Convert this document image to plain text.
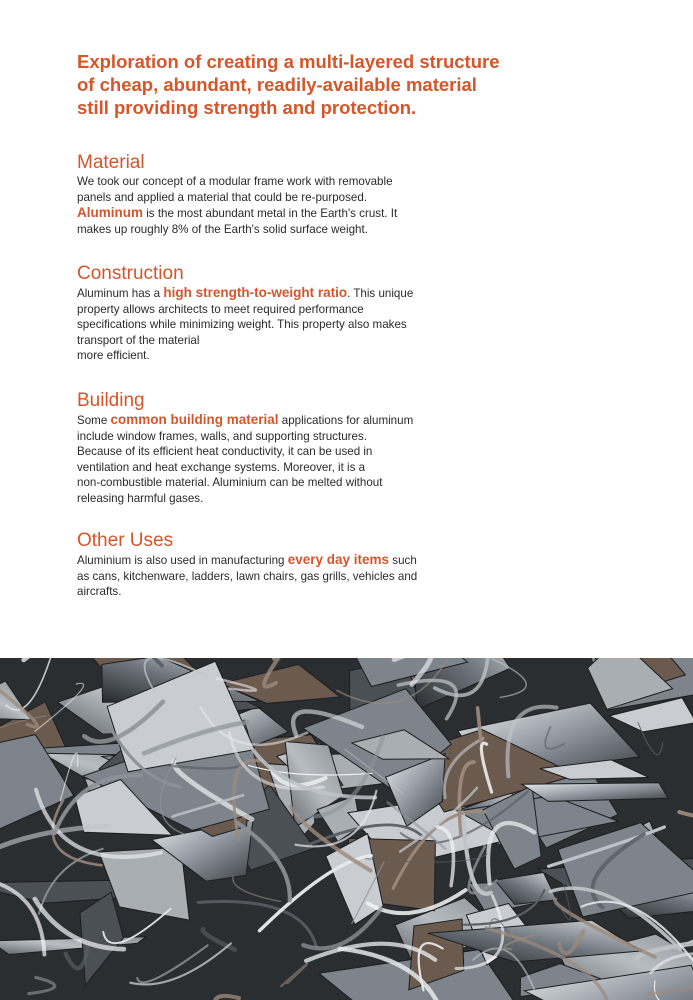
Exploration of creating a multi-layered structure
of cheap, abundant, readily-available material
still providing strength and protection.
Material

We took our concept of a modular frame work with removable
panels and applied a material that could be re-purposed.
Aluminum is the most abundant metal in the Earth's crust. It
makes up roughly 8% of the Earth's solid surface weight.

Construction

Aluminum has a high strength-to-weight ratio. This unique
property allows architects to meet required performance
specifications while minimizing weight. This property also makes
transport of the material
more efficient.

Building

Some common building material applications for aluminum
include window frames, walls, and supporting structures.
Because of its efficient heat conductivity, it can be used in
ventilation and heat exchange systems. Moreover, it is a
non-combustible material. Aluminium can be melted without
releasing harmful gases.

Other Uses

Aluminium is also used in manufacturing every day items such
as cans, kitchenware, ladders, lawn chairs, gas grills, vehicles and
aircrafts.
